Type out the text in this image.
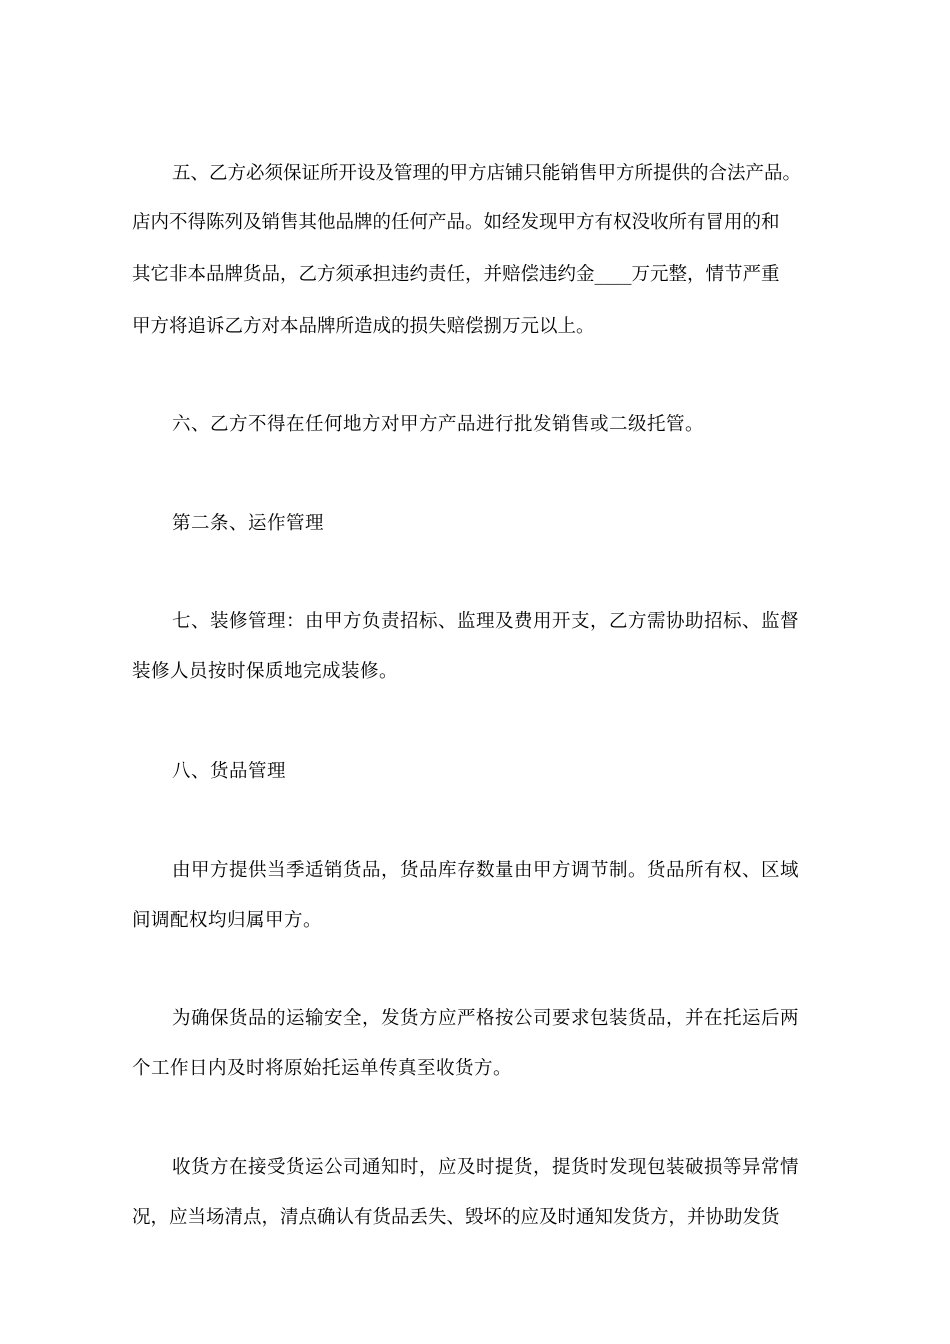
五、乙方必须保证所开设及管理的甲方店铺只能销售甲方所提供的合法产品。
店内不得陈列及销售其他品牌的任何产品。如经发现甲方有权没收所有冒用的和
其它非本品牌货品，乙方须承担违约责任，并赔偿违约金____万元整，情节严重
甲方将追诉乙方对本品牌所造成的损失赔偿捌万元以上。
六、乙方不得在任何地方对甲方产品进行批发销售或二级托管。
第二条、运作管理
七、装修管理：由甲方负责招标、监理及费用开支，乙方需协助招标、监督
装修人员按时保质地完成装修。
八、货品管理
由甲方提供当季适销货品，货品库存数量由甲方调节制。货品所有权、区域
间调配权均归属甲方。
为确保货品的运输安全，发货方应严格按公司要求包装货品，并在托运后两
个工作日内及时将原始托运单传真至收货方。
收货方在接受货运公司通知时，应及时提货，提货时发现包装破损等异常情
况，应当场清点，清点确认有货品丢失、毁坏的应及时通知发货方，并协助发货
